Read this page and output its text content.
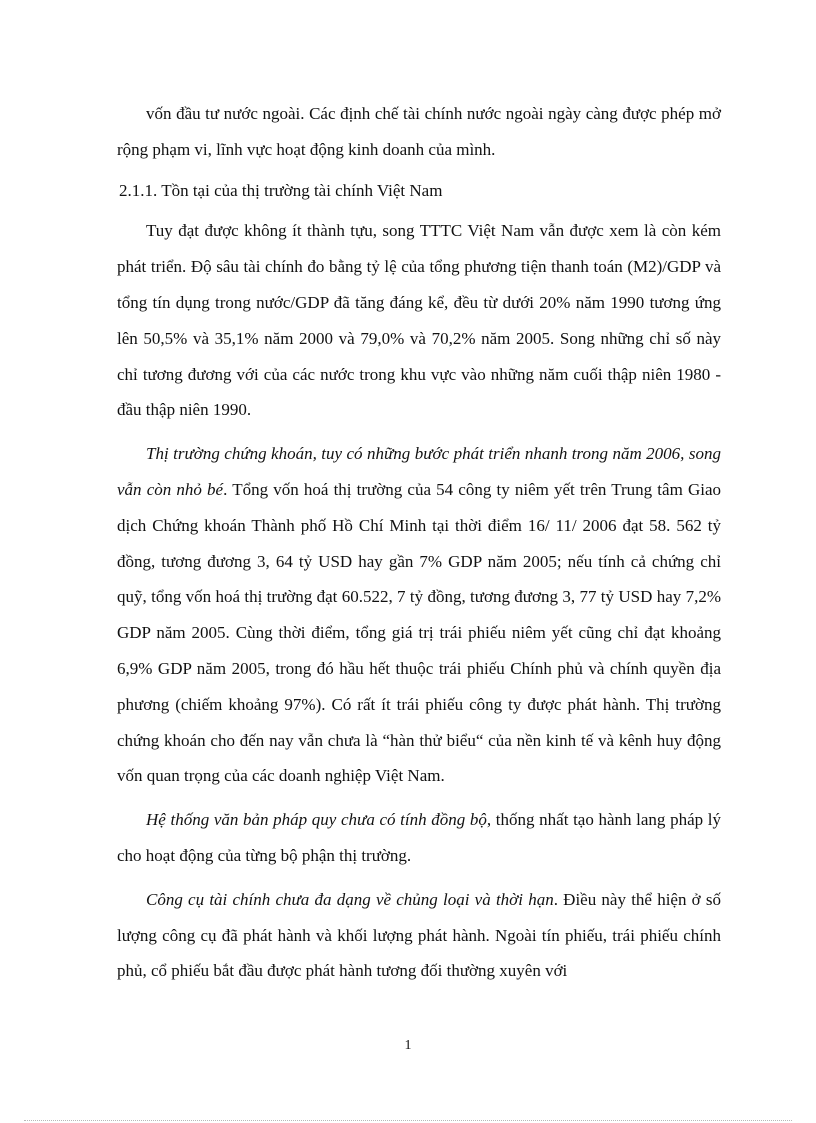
vốn đầu tư nước ngoài. Các định chế tài chính nước ngoài ngày càng được phép mở rộng phạm vi, lĩnh vực hoạt động kinh doanh của mình.

2.1.1. Tồn tại của thị trường tài chính Việt Nam

Tuy đạt được không ít thành tựu, song TTTC Việt Nam vẫn được xem là còn kém phát triển. Độ sâu tài chính đo bằng tỷ lệ của tổng phương tiện thanh toán (M2)/GDP và tổng tín dụng trong nước/GDP đã tăng đáng kể, đều từ dưới 20% năm 1990 tương ứng lên 50,5% và 35,1% năm 2000 và 79,0% và 70,2% năm 2005. Song những chỉ số này chỉ tương đương với của các nước trong khu vực vào những năm cuối thập niên 1980 - đầu thập niên 1990.

Thị trường chứng khoán, tuy có những bước phát triển nhanh trong năm 2006, song vẫn còn nhỏ bé. Tổng vốn hoá thị trường của 54 công ty niêm yết trên Trung tâm Giao dịch Chứng khoán Thành phố Hồ Chí Minh tại thời điểm 16/ 11/ 2006 đạt 58. 562 tỷ đồng, tương đương 3, 64 tỷ USD hay gần 7% GDP năm 2005; nếu tính cả chứng chỉ quỹ, tổng vốn hoá thị trường đạt 60.522, 7 tỷ đồng, tương đương 3, 77 tỷ USD hay 7,2% GDP năm 2005. Cùng thời điểm, tổng giá trị trái phiếu niêm yết cũng chỉ đạt khoảng 6,9% GDP năm 2005, trong đó hầu hết thuộc trái phiếu Chính phủ và chính quyền địa phương (chiếm khoảng 97%). Có rất ít trái phiếu công ty được phát hành. Thị trường chứng khoán cho đến nay vẫn chưa là “hàn thử biểu“ của nền kinh tế và kênh huy động vốn quan trọng của các doanh nghiệp Việt Nam.

Hệ thống văn bản pháp quy chưa có tính đồng bộ, thống nhất tạo hành lang pháp lý cho hoạt động của từng bộ phận thị trường.

Công cụ tài chính chưa đa dạng về chủng loại và thời hạn. Điều này thể hiện ở số lượng công cụ đã phát hành và khối lượng phát hành. Ngoài tín phiếu, trái phiếu chính phủ, cổ phiếu bắt đầu được phát hành tương đối thường xuyên với

1
